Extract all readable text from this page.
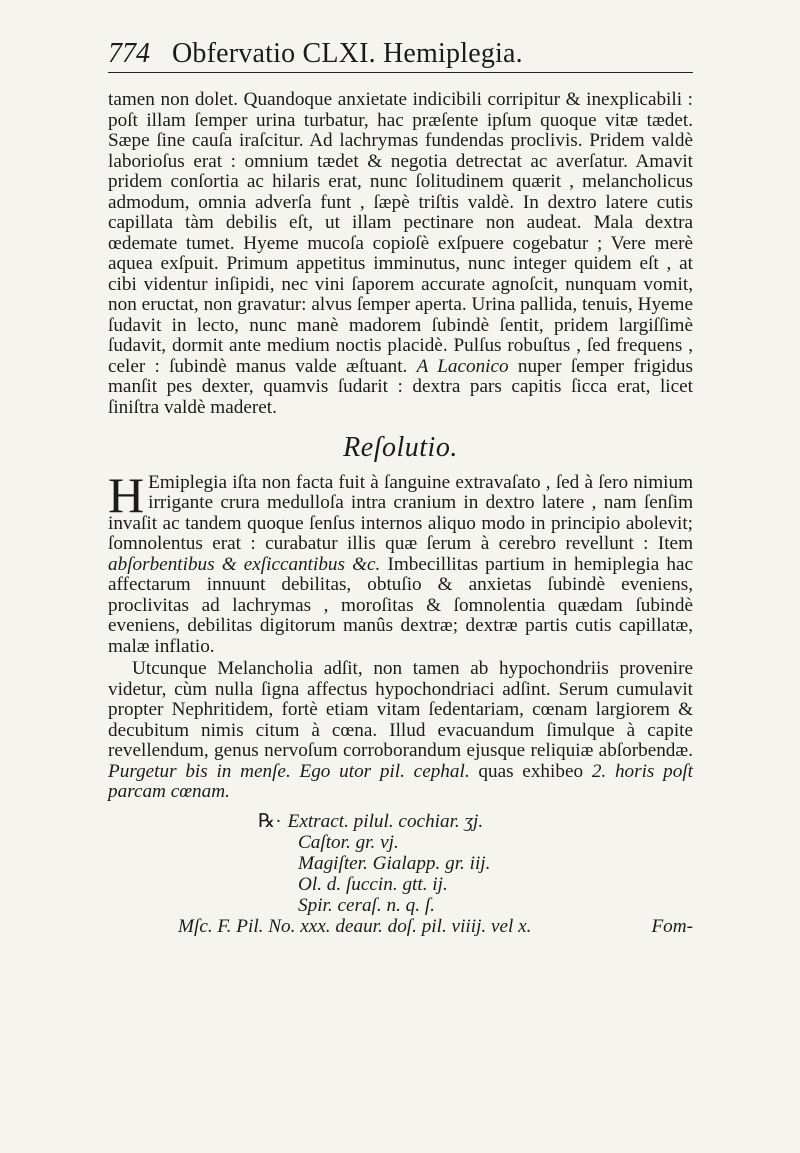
774 Obfervatio CLXI. Hemiplegia.

tamen non dolet. Quandoque anxietate indicibili corripitur & inexplicabili : poſt illam ſemper urina turbatur, hac præſente ipſum quoque vitæ tædet. Sæpe ſine cauſa iraſcitur. Ad lachrymas fundendas proclivis. Pridem valdè laborioſus erat : omnium tædet & negotia detrectat ac averſatur. Amavit pridem conſortia ac hilaris erat, nunc ſolitudinem quærit , melancholicus admodum, omnia adverſa funt , ſæpè triſtis valdè. In dextro latere cutis capillata tàm debilis eſt, ut illam pectinare non audeat. Mala dextra œdemate tumet. Hyeme mucoſa copioſè exſpuere cogebatur ; Vere merè aquea exſpuit. Primum appetitus imminutus, nunc integer quidem eſt , at cibi videntur inſipidi, nec vini ſaporem accurate agnoſcit, nunquam vomit, non eructat, non gravatur: alvus ſemper aperta. Urina pallida, tenuis, Hyeme ſudavit in lecto, nunc manè madorem ſubindè ſentit, pridem largiſſimè ſudavit, dormit ante medium noctis placidè. Pulſus robuſtus , ſed frequens , celer : ſubindè manus valde æſtuant. A Laconico nuper ſemper frigidus manſit pes dexter, quamvis ſudarit : dextra pars capitis ſicca erat, licet ſiniſtra valdè maderet.

Reſolutio.

H Emiplegia iſta non facta fuit à ſanguine extravaſato , ſed à ſero nimium irrigante crura medulloſa intra cranium in dextro latere , nam ſenſim invaſit ac tandem quoque ſenſus internos aliquo modo in principio abolevit; ſomnolentus erat : curabatur illis quæ ſerum à cerebro revellunt : Item abſorbentibus & exſiccantibus &c. Imbecillitas partium in hemiplegia hac affectarum innuunt debilitas, obtuſio & anxietas ſubindè eveniens, proclivitas ad lachrymas , moroſitas & ſomnolentia quædam ſubindè eveniens, debilitas digitorum manûs dextræ; dextræ partis cutis capillatæ, malæ inflatio.

Utcunque Melancholia adſit, non tamen ab hypochondriis provenire videtur, cùm nulla ſigna affectus hypochondriaci adſint. Serum cumulavit propter Nephritidem, fortè etiam vitam ſedentariam, cœnam largiorem & decubitum nimis citum à cœna. Illud evacuandum ſimulque à capite revellendum, genus nervoſum corroborandum ejusque reliquiæ abſorbendæ. Purgetur bis in menſe. Ego utor pil. cephal. quas exhibeo 2. horis poſt parcam cœnam.

℞· Extract. pilul. cochiar. ʒj.
Caſtor. gr. vj.
Magiſter. Gialapp. gr. iij.
Ol. d. ſuccin. gtt. ij.
Spir. ceraſ. n. q. ſ.
Mſc. F. Pil. No. xxx. deaur. doſ. pil. viiij. vel x.	Fom-
